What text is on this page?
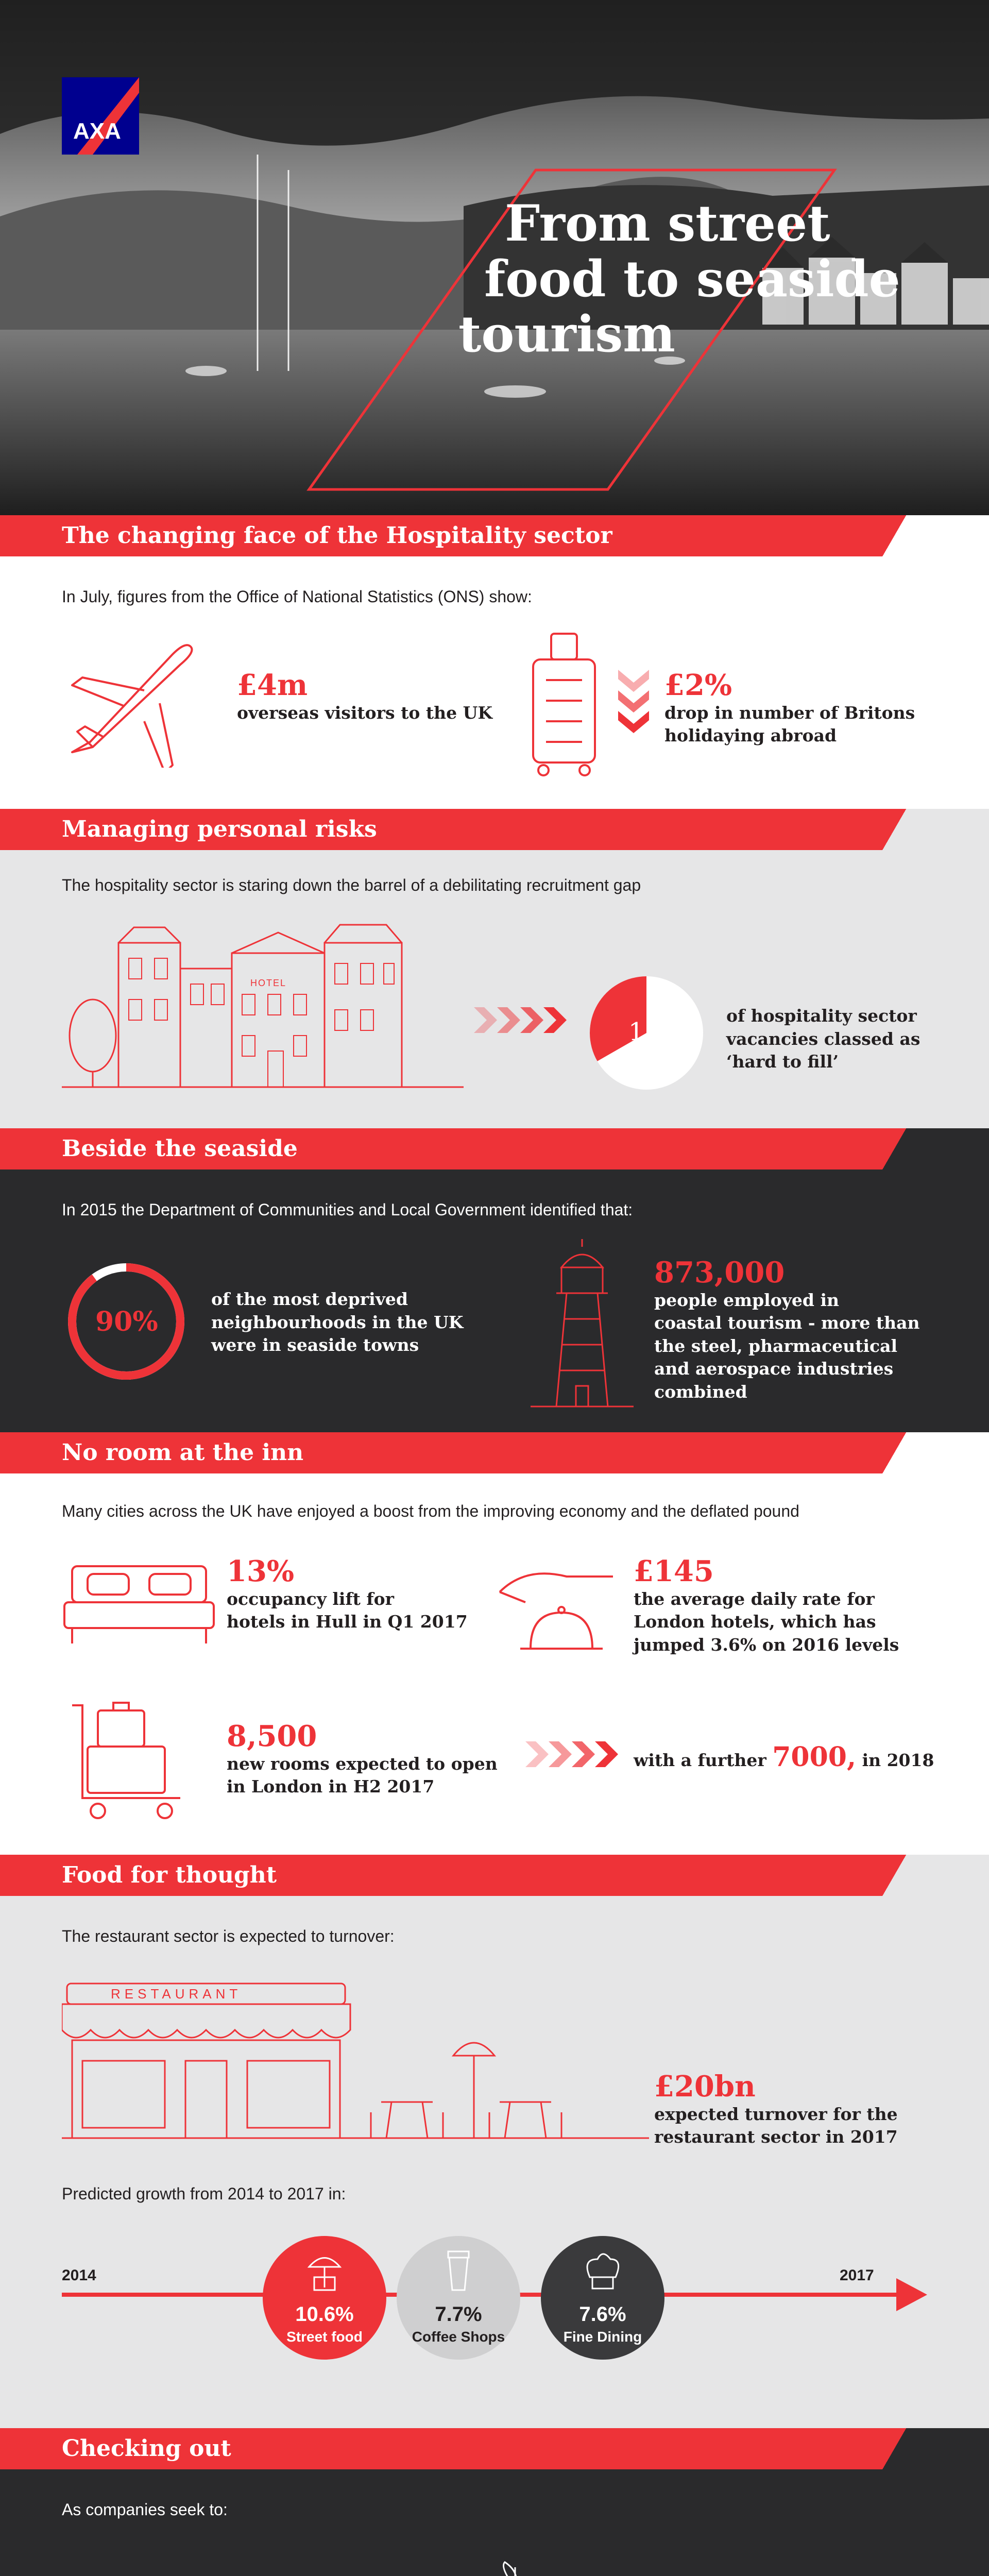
AXA
From street
food to seaside
tourism
The changing face of the Hospitality sector
In July, figures from the Office of National Statistics (ONS) show:
£4m
overseas visitors to the UK
£2%
drop in number of Britons
holidaying abroad
Managing personal risks
The hospitality sector is staring down the barrel of a debilitating recruitment gap
HOTEL
1/3
of hospitality sector
vacancies classed as
‘hard to fill’
Beside the seaside
In 2015 the Department of Communities and Local Government identified that:
90%
of the most deprived
neighbourhoods in the UK
were in seaside towns
873,000
people employed in
coastal tourism - more than
the steel, pharmaceutical
and aerospace industries
combined
No room at the inn
Many cities across the UK have enjoyed a boost from the improving economy and the deflated pound
13%
occupancy lift for
hotels in Hull in Q1 2017
£145
the average daily rate for
London hotels, which has
jumped 3.6% on 2016 levels
8,500
new rooms expected to open
in London in H2 2017
with a further 7000, in 2018
Food for thought
The restaurant sector is expected to turnover:
RESTAURANT
£20bn
expected turnover for the
restaurant sector in 2017
Predicted growth from 2014 to 2017 in:
2014	2017
10.6%
Street food
7.7%
Coffee Shops
7.6%
Fine Dining
Checking out
As companies seek to:
